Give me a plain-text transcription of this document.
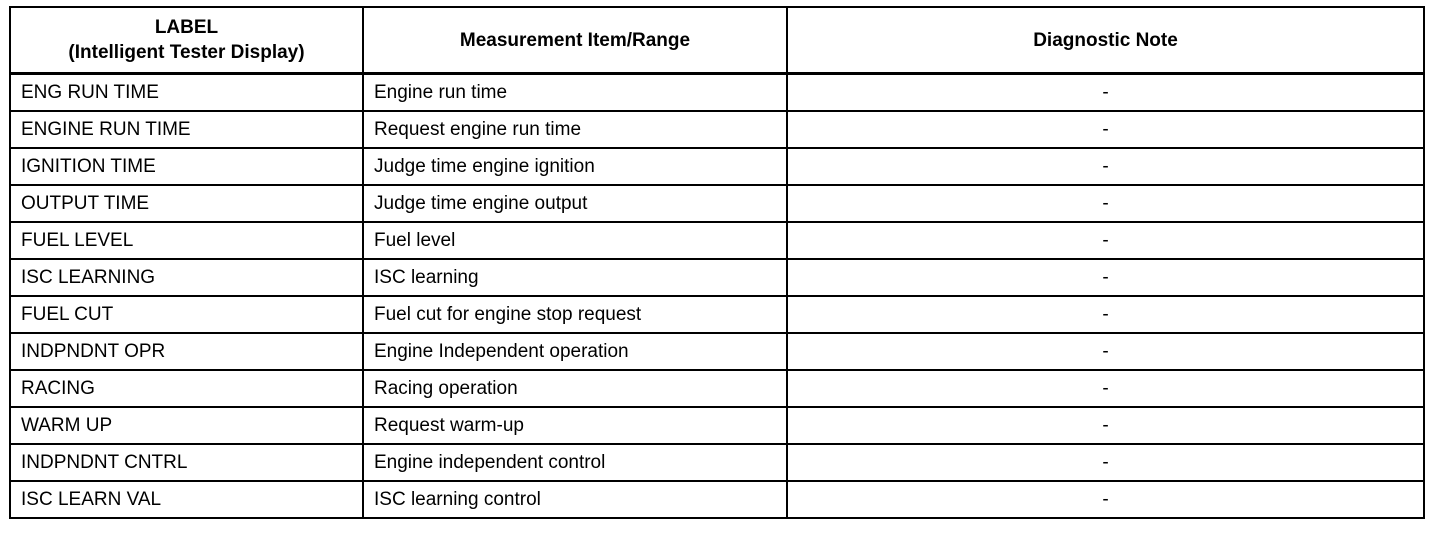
LABEL
(Intelligent Tester Display)	Measurement Item/Range	Diagnostic Note
ENG RUN TIME	Engine run time	-
ENGINE RUN TIME	Request engine run time	-
IGNITION TIME	Judge time engine ignition	-
OUTPUT TIME	Judge time engine output	-
FUEL LEVEL	Fuel level	-
ISC LEARNING	ISC learning	-
FUEL CUT	Fuel cut for engine stop request	-
INDPNDNT OPR	Engine Independent operation	-
RACING	Racing operation	-
WARM UP	Request warm-up	-
INDPNDNT CNTRL	Engine independent control	-
ISC LEARN VAL	ISC learning control	-
